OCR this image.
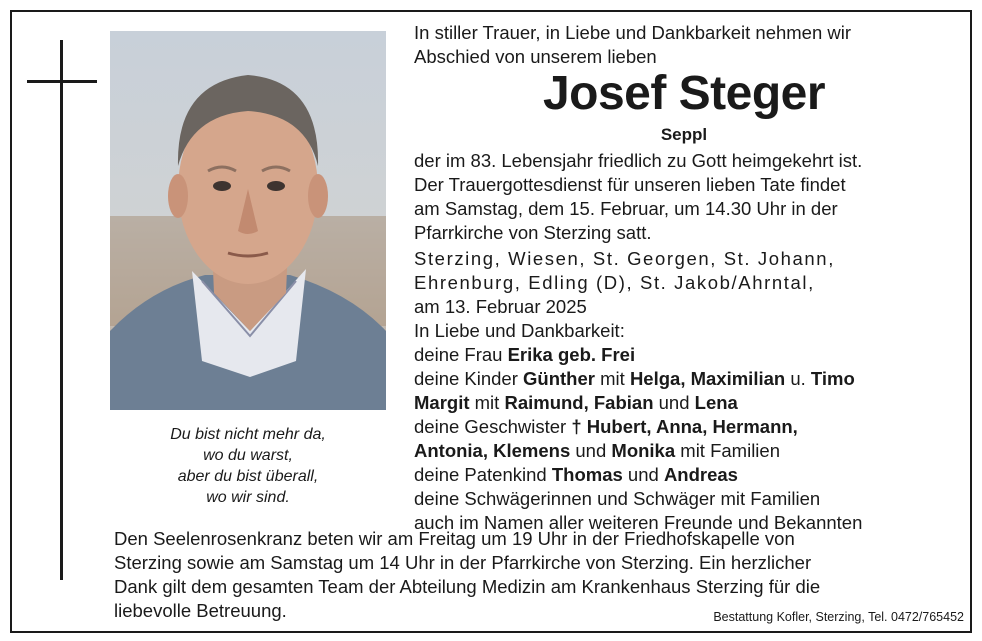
Du bist nicht mehr da,
wo du warst,
aber du bist überall,
wo wir sind.
In stiller Trauer, in Liebe und Dankbarkeit nehmen wir
Abschied von unserem lieben
Josef Steger
Seppl
der im 83. Lebensjahr friedlich zu Gott heimgekehrt ist.
Der Trauergottesdienst für unseren lieben Tate findet
am Samstag, dem 15. Februar, um 14.30 Uhr in der
Pfarrkirche von Sterzing satt.
Sterzing, Wiesen, St. Georgen, St. Johann,
Ehrenburg, Edling (D), St. Jakob/Ahrntal,
am 13. Februar 2025
In Liebe und Dankbarkeit:
deine Frau Erika geb. Frei
deine Kinder Günther mit Helga, Maximilian u. Timo
Margit mit Raimund, Fabian und Lena
deine Geschwister † Hubert, Anna, Hermann,
Antonia, Klemens und Monika mit Familien
deine Patenkind Thomas und Andreas
deine Schwägerinnen und Schwäger mit Familien
auch im Namen aller weiteren Freunde und Bekannten
Den Seelenrosenkranz beten wir am Freitag um 19 Uhr in der Friedhofskapelle von
Sterzing sowie am Samstag um 14 Uhr in der Pfarrkirche von Sterzing. Ein herzlicher
Dank gilt dem gesamten Team der Abteilung Medizin am Krankenhaus Sterzing für die
liebevolle Betreuung.	Bestattung Kofler, Sterzing, Tel. 0472/765452
